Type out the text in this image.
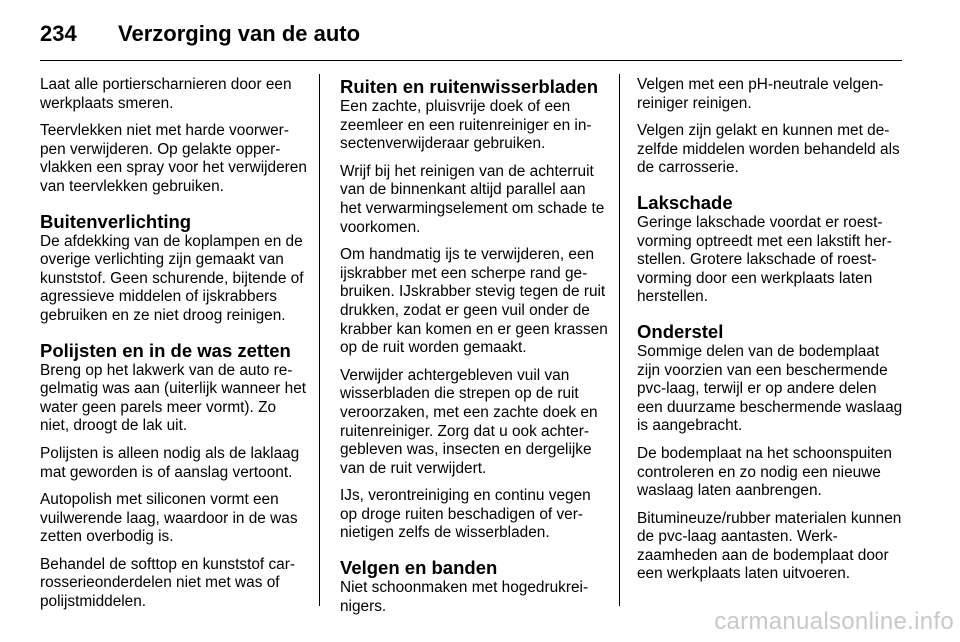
234	Verzorging van de auto

Laat alle portierscharnieren door een werkplaats smeren.

Teervlekken niet met harde voorwerpen verwijderen. Op gelakte oppervlakken een spray voor het verwijderen van teervlekken gebruiken.

Buitenverlichting

De afdekking van de koplampen en de overige verlichting zijn gemaakt van kunststof. Geen schurende, bijtende of agressieve middelen of ijskrabbers gebruiken en ze niet droog reinigen.

Polijsten en in de was zetten

Breng op het lakwerk van de auto regelmatig was aan (uiterlijk wanneer het water geen parels meer vormt). Zo niet, droogt de lak uit.

Polijsten is alleen nodig als de laklaag mat geworden is of aanslag vertoont.

Autopolish met siliconen vormt een vuilwerende laag, waardoor in de was zetten overbodig is.

Behandel de softtop en kunststof carrosserieonderdelen niet met was of polijstmiddelen.

Ruiten en ruitenwisserbladen

Een zachte, pluisvrije doek of een zeemleer en een ruitenreiniger en insectenverwijderaar gebruiken.

Wrijf bij het reinigen van de achterruit van de binnenkant altijd parallel aan het verwarmingselement om schade te voorkomen.

Om handmatig ijs te verwijderen, een ijskrabber met een scherpe rand gebruiken. IJskrabber stevig tegen de ruit drukken, zodat er geen vuil onder de krabber kan komen en er geen krassen op de ruit worden gemaakt.

Verwijder achtergebleven vuil van wisserbladen die strepen op de ruit veroorzaken, met een zachte doek en ruitenreiniger. Zorg dat u ook achtergebleven was, insecten en dergelijke van de ruit verwijdert.

IJs, verontreiniging en continu vegen op droge ruiten beschadigen of vernietigen zelfs de wisserbladen.

Velgen en banden

Niet schoonmaken met hogedrukreinigers.

Velgen met een pH-neutrale velgenreiniger reinigen.

Velgen zijn gelakt en kunnen met dezelfde middelen worden behandeld als de carrosserie.

Lakschade

Geringe lakschade voordat er roestvorming optreedt met een lakstift herstellen. Grotere lakschade of roestvorming door een werkplaats laten herstellen.

Onderstel

Sommige delen van de bodemplaat zijn voorzien van een beschermende pvc-laag, terwijl er op andere delen een duurzame beschermende waslaag is aangebracht.

De bodemplaat na het schoonspuiten controleren en zo nodig een nieuwe waslaag laten aanbrengen.

Bitumineuze/rubber materialen kunnen de pvc-laag aantasten. Werkzaamheden aan de bodemplaat door een werkplaats laten uitvoeren.

carmanualsonline.info
